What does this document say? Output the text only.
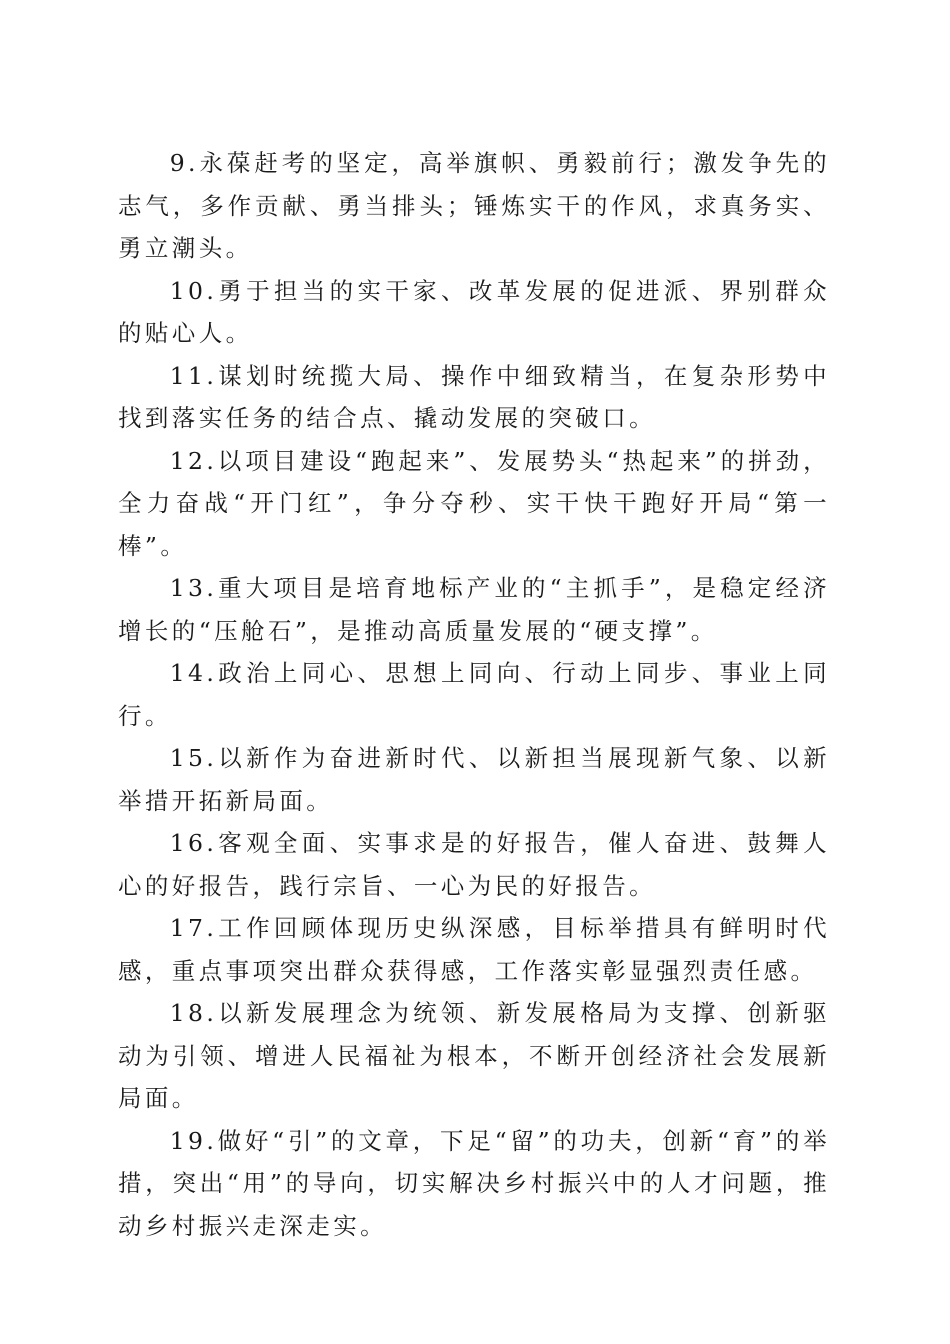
9.永葆赶考的坚定，高举旗帜、勇毅前行；激发争先的志气，多作贡献、勇当排头；锤炼实干的作风，求真务实、勇立潮头。

10.勇于担当的实干家、改革发展的促进派、界别群众的贴心人。

11.谋划时统揽大局、操作中细致精当，在复杂形势中找到落实任务的结合点、撬动发展的突破口。

12.以项目建设“跑起来”、发展势头“热起来”的拼劲，全力奋战“开门红”，争分夺秒、实干快干跑好开局“第一棒”。

13.重大项目是培育地标产业的“主抓手”，是稳定经济增长的“压舱石”，是推动高质量发展的“硬支撑”。

14.政治上同心、思想上同向、行动上同步、事业上同行。

15.以新作为奋进新时代、以新担当展现新气象、以新举措开拓新局面。

16.客观全面、实事求是的好报告，催人奋进、鼓舞人心的好报告，践行宗旨、一心为民的好报告。

17.工作回顾体现历史纵深感，目标举措具有鲜明时代感，重点事项突出群众获得感，工作落实彰显强烈责任感。

18.以新发展理念为统领、新发展格局为支撑、创新驱动为引领、增进人民福祉为根本，不断开创经济社会发展新局面。

19.做好“引”的文章，下足“留”的功夫，创新“育”的举措，突出“用”的导向，切实解决乡村振兴中的人才问题，推动乡村振兴走深走实。
